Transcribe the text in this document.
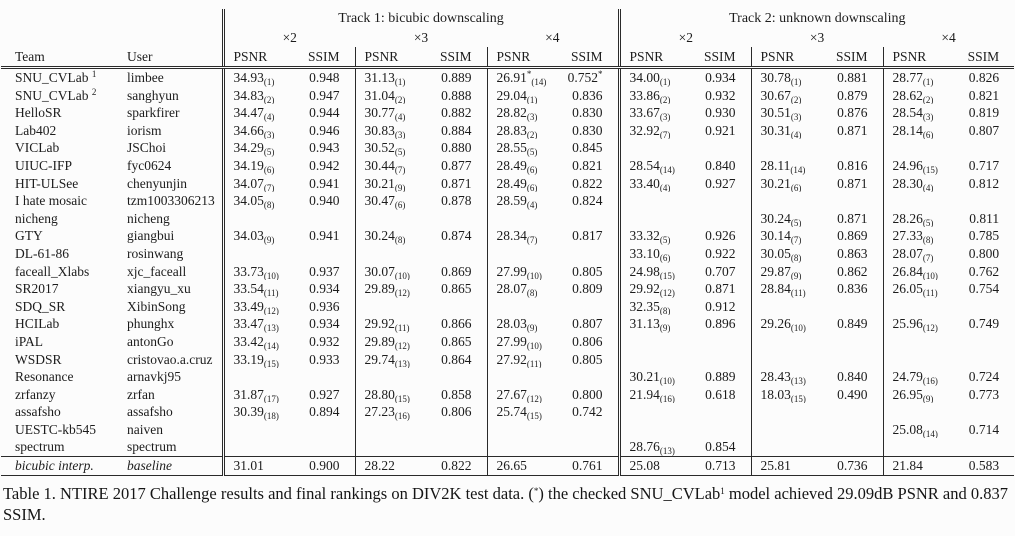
		Track 1: bicubic downscaling						Track 2: unknown downscaling					
		×2		×3		×4		×2		×3		×4	
Team	User	PSNR	SSIM	PSNR	SSIM	PSNR	SSIM	PSNR	SSIM	PSNR	SSIM	PSNR	SSIM
SNU_CVLab $^1$	limbee	$34.93_{(1)}$	0.948	$31.13_{(1)}$	0.889	$26.91^*_{(14)}$	0.752*	$34.00_{(1)}$	0.934	$30.78_{(1)}$	0.881	$28.77_{(1)}$	0.826
SNU_CVLab $^2$	sanghyun	$34.83_{(2)}$	0.947	$31.04_{(2)}$	0.888	$29.04_{(1)}$	0.836	$33.86_{(2)}$	0.932	$30.67_{(2)}$	0.879	$28.62_{(2)}$	0.821
HelloSR	sparkfirer	$34.47_{(4)}$	0.944	$30.77_{(4)}$	0.882	$28.82_{(3)}$	0.830	$33.67_{(3)}$	0.930	$30.51_{(3)}$	0.876	$28.54_{(3)}$	0.819
Lab402	iorism	$34.66_{(3)}$	0.946	$30.83_{(3)}$	0.884	$28.83_{(2)}$	0.830	$32.92_{(7)}$	0.921	$30.31_{(4)}$	0.871	$28.14_{(6)}$	0.807
VICLab	JSChoi	$34.29_{(5)}$	0.943	$30.52_{(5)}$	0.880	$28.55_{(5)}$	0.845						
UIUC-IFP	fyc0624	$34.19_{(6)}$	0.942	$30.44_{(7)}$	0.877	$28.49_{(6)}$	0.821	$28.54_{(14)}$	0.840	$28.11_{(14)}$	0.816	$24.96_{(15)}$	0.717
HIT-ULSee	chenyunjin	$34.07_{(7)}$	0.941	$30.21_{(9)}$	0.871	$28.49_{(6)}$	0.822	$33.40_{(4)}$	0.927	$30.21_{(6)}$	0.871	$28.30_{(4)}$	0.812
I hate mosaic	tzm1003306213	$34.05_{(8)}$	0.940	$30.47_{(6)}$	0.878	$28.59_{(4)}$	0.824						
nicheng	nicheng									$30.24_{(5)}$	0.871	$28.26_{(5)}$	0.811
GTY	giangbui	$34.03_{(9)}$	0.941	$30.24_{(8)}$	0.874	$28.34_{(7)}$	0.817	$33.32_{(5)}$	0.926	$30.14_{(7)}$	0.869	$27.33_{(8)}$	0.785
DL-61-86	rosinwang							$33.10_{(6)}$	0.922	$30.05_{(8)}$	0.863	$28.07_{(7)}$	0.800
faceall_Xlabs	xjc_faceall	$33.73_{(10)}$	0.937	$30.07_{(10)}$	0.869	$27.99_{(10)}$	0.805	$24.98_{(15)}$	0.707	$29.87_{(9)}$	0.862	$26.84_{(10)}$	0.762
SR2017	xiangyu_xu	$33.54_{(11)}$	0.934	$29.89_{(12)}$	0.865	$28.07_{(8)}$	0.809	$29.92_{(12)}$	0.871	$28.84_{(11)}$	0.836	$26.05_{(11)}$	0.754
SDQ_SR	XibinSong	$33.49_{(12)}$	0.936					$32.35_{(8)}$	0.912				
HCILab	phunghx	$33.47_{(13)}$	0.934	$29.92_{(11)}$	0.866	$28.03_{(9)}$	0.807	$31.13_{(9)}$	0.896	$29.26_{(10)}$	0.849	$25.96_{(12)}$	0.749
iPAL	antonGo	$33.42_{(14)}$	0.932	$29.89_{(12)}$	0.865	$27.99_{(10)}$	0.806						
WSDSR	cristovao.a.cruz	$33.19_{(15)}$	0.933	$29.74_{(13)}$	0.864	$27.92_{(11)}$	0.805						
Resonance	arnavkj95							$30.21_{(10)}$	0.889	$28.43_{(13)}$	0.840	$24.79_{(16)}$	0.724
zrfanzy	zrfan	$31.87_{(17)}$	0.927	$28.80_{(15)}$	0.858	$27.67_{(12)}$	0.800	$21.94_{(16)}$	0.618	$18.03_{(15)}$	0.490	$26.95_{(9)}$	0.773
assafsho	assafsho	$30.39_{(18)}$	0.894	$27.23_{(16)}$	0.806	$25.74_{(15)}$	0.742						
UESTC-kb545	naiven											$25.08_{(14)}$	0.714
spectrum	spectrum							$28.76_{(13)}$	0.854				
bicubic interp.	baseline	31.01	0.900	28.22	0.822	26.65	0.761	25.08	0.713	25.81	0.736	21.84	0.583
Table 1. NTIRE 2017 Challenge results and final rankings on DIV2K test data. (*) the checked SNU_CVLab$^1$ model achieved 29.09dB PSNR and 0.837 SSIM.
